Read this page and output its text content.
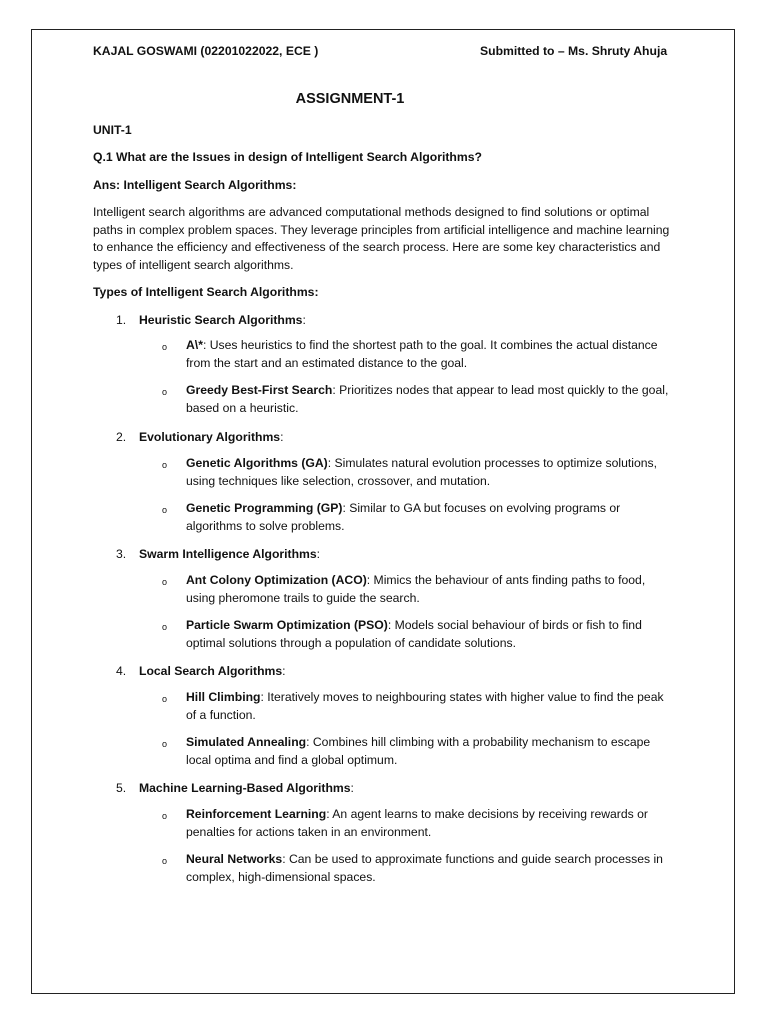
KAJAL GOSWAMI (02201022022, ECE )	Submitted to – Ms. Shruty Ahuja
ASSIGNMENT-1
UNIT-1
Q.1 What are the Issues in design of Intelligent Search Algorithms?
Ans: Intelligent Search Algorithms:
Intelligent search algorithms are advanced computational methods designed to find solutions or optimal paths in complex problem spaces. They leverage principles from artificial intelligence and machine learning to enhance the efficiency and effectiveness of the search process. Here are some key characteristics and types of intelligent search algorithms.
Types of Intelligent Search Algorithms:
1. Heuristic Search Algorithms:
o A\*: Uses heuristics to find the shortest path to the goal. It combines the actual distance from the start and an estimated distance to the goal.
o Greedy Best-First Search: Prioritizes nodes that appear to lead most quickly to the goal, based on a heuristic.
2. Evolutionary Algorithms:
o Genetic Algorithms (GA): Simulates natural evolution processes to optimize solutions, using techniques like selection, crossover, and mutation.
o Genetic Programming (GP): Similar to GA but focuses on evolving programs or algorithms to solve problems.
3. Swarm Intelligence Algorithms:
o Ant Colony Optimization (ACO): Mimics the behaviour of ants finding paths to food, using pheromone trails to guide the search.
o Particle Swarm Optimization (PSO): Models social behaviour of birds or fish to find optimal solutions through a population of candidate solutions.
4. Local Search Algorithms:
o Hill Climbing: Iteratively moves to neighbouring states with higher value to find the peak of a function.
o Simulated Annealing: Combines hill climbing with a probability mechanism to escape local optima and find a global optimum.
5. Machine Learning-Based Algorithms:
o Reinforcement Learning: An agent learns to make decisions by receiving rewards or penalties for actions taken in an environment.
o Neural Networks: Can be used to approximate functions and guide search processes in complex, high-dimensional spaces.
